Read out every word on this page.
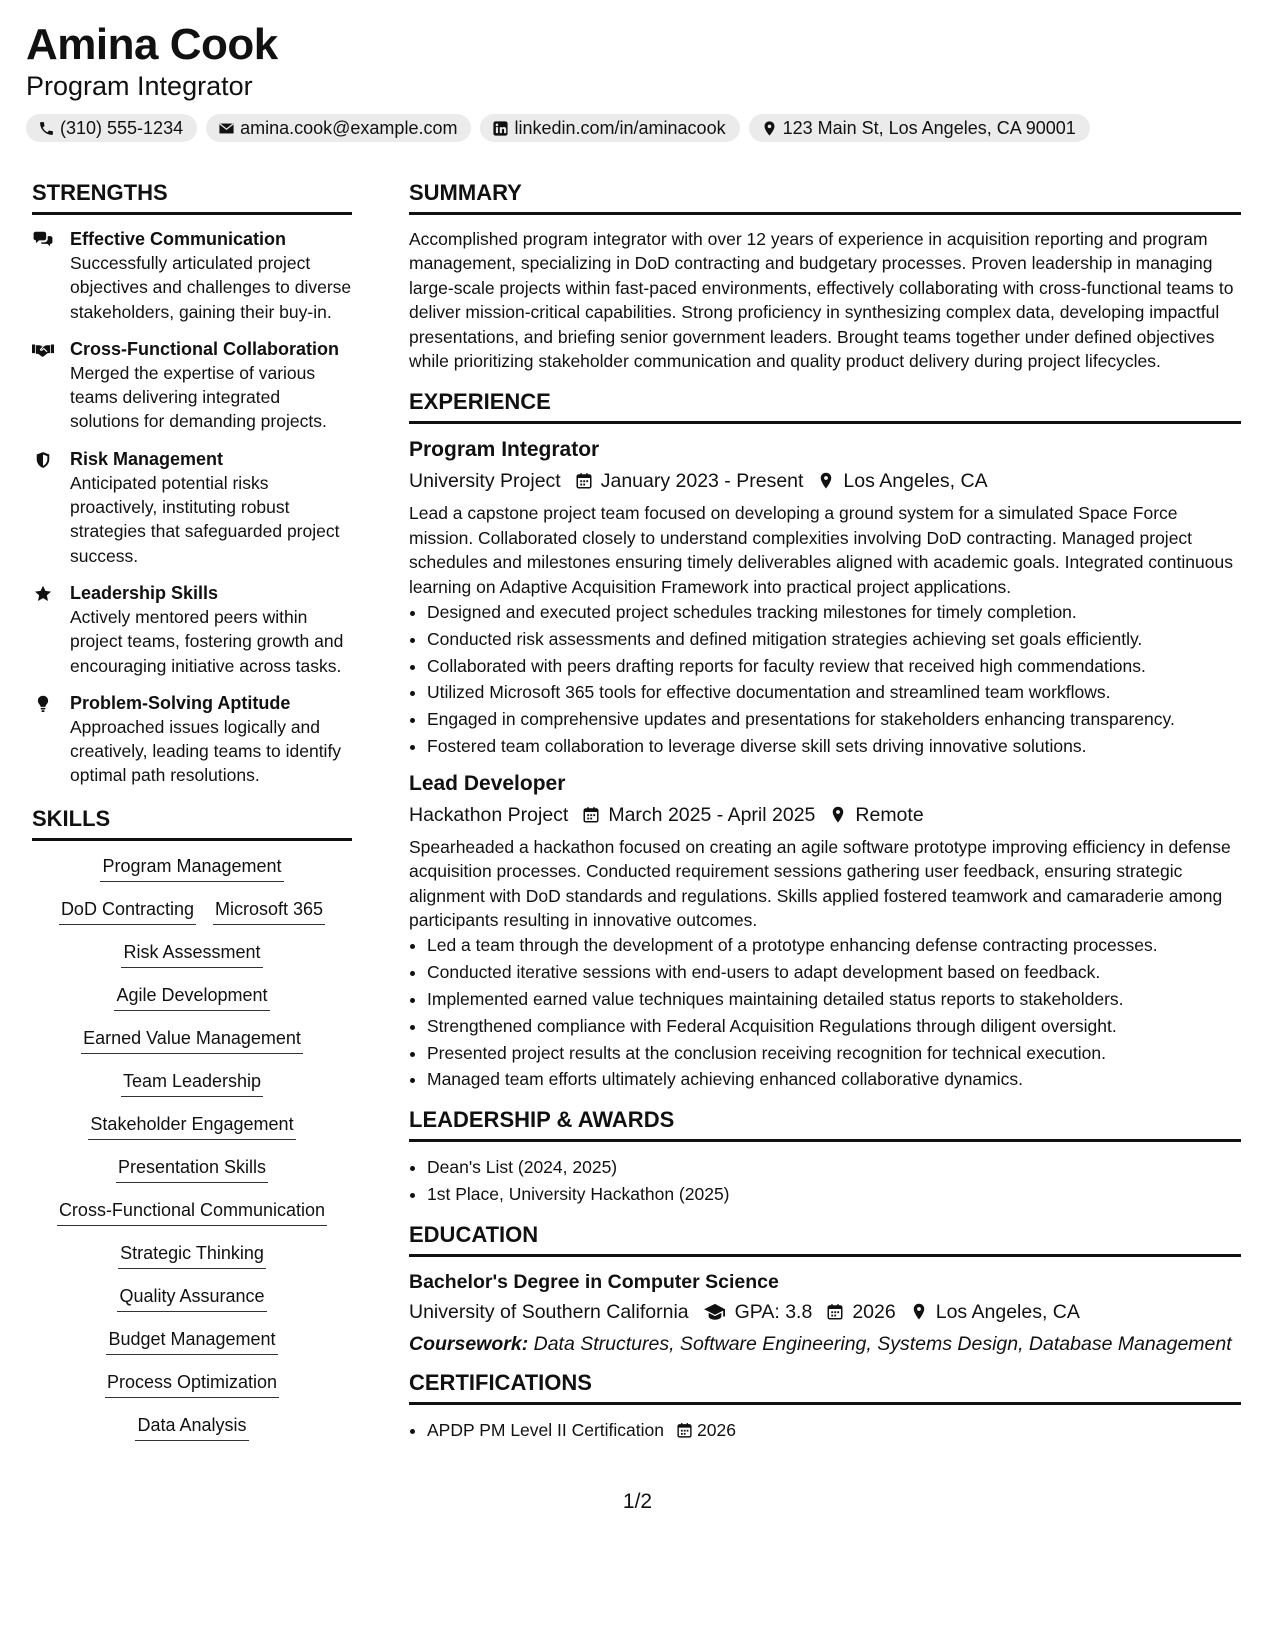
Amina Cook
Program Integrator
(310) 555-1234	amina.cook@example.com	linkedin.com/in/aminacook	123 Main St, Los Angeles, CA 90001
STRENGTHS
Effective Communication
Successfully articulated project objectives and challenges to diverse stakeholders, gaining their buy-in.
Cross-Functional Collaboration
Merged the expertise of various teams delivering integrated solutions for demanding projects.
Risk Management
Anticipated potential risks proactively, instituting robust strategies that safeguarded project success.
Leadership Skills
Actively mentored peers within project teams, fostering growth and encouraging initiative across tasks.
Problem-Solving Aptitude
Approached issues logically and creatively, leading teams to identify optimal path resolutions.
SKILLS
Program Management
DoD Contracting Microsoft 365
Risk Assessment
Agile Development
Earned Value Management
Team Leadership
Stakeholder Engagement
Presentation Skills
Cross-Functional Communication
Strategic Thinking
Quality Assurance
Budget Management
Process Optimization
Data Analysis
SUMMARY
Accomplished program integrator with over 12 years of experience in acquisition reporting and program management, specializing in DoD contracting and budgetary processes. Proven leadership in managing large-scale projects within fast-paced environments, effectively collaborating with cross-functional teams to deliver mission-critical capabilities. Strong proficiency in synthesizing complex data, developing impactful presentations, and briefing senior government leaders. Brought teams together under defined objectives while prioritizing stakeholder communication and quality product delivery during project lifecycles.
EXPERIENCE
Program Integrator
University Project January 2023 - Present Los Angeles, CA
Lead a capstone project team focused on developing a ground system for a simulated Space Force mission. Collaborated closely to understand complexities involving DoD contracting. Managed project schedules and milestones ensuring timely deliverables aligned with academic goals. Integrated continuous learning on Adaptive Acquisition Framework into practical project applications.
• Designed and executed project schedules tracking milestones for timely completion.
• Conducted risk assessments and defined mitigation strategies achieving set goals efficiently.
• Collaborated with peers drafting reports for faculty review that received high commendations.
• Utilized Microsoft 365 tools for effective documentation and streamlined team workflows.
• Engaged in comprehensive updates and presentations for stakeholders enhancing transparency.
• Fostered team collaboration to leverage diverse skill sets driving innovative solutions.
Lead Developer
Hackathon Project March 2025 - April 2025 Remote
Spearheaded a hackathon focused on creating an agile software prototype improving efficiency in defense acquisition processes. Conducted requirement sessions gathering user feedback, ensuring strategic alignment with DoD standards and regulations. Skills applied fostered teamwork and camaraderie among participants resulting in innovative outcomes.
• Led a team through the development of a prototype enhancing defense contracting processes.
• Conducted iterative sessions with end-users to adapt development based on feedback.
• Implemented earned value techniques maintaining detailed status reports to stakeholders.
• Strengthened compliance with Federal Acquisition Regulations through diligent oversight.
• Presented project results at the conclusion receiving recognition for technical execution.
• Managed team efforts ultimately achieving enhanced collaborative dynamics.
LEADERSHIP & AWARDS
• Dean's List (2024, 2025)
• 1st Place, University Hackathon (2025)
EDUCATION
Bachelor's Degree in Computer Science
University of Southern California GPA: 3.8 2026 Los Angeles, CA
Coursework: Data Structures, Software Engineering, Systems Design, Database Management
CERTIFICATIONS
• APDP PM Level II Certification 2026
1/2
